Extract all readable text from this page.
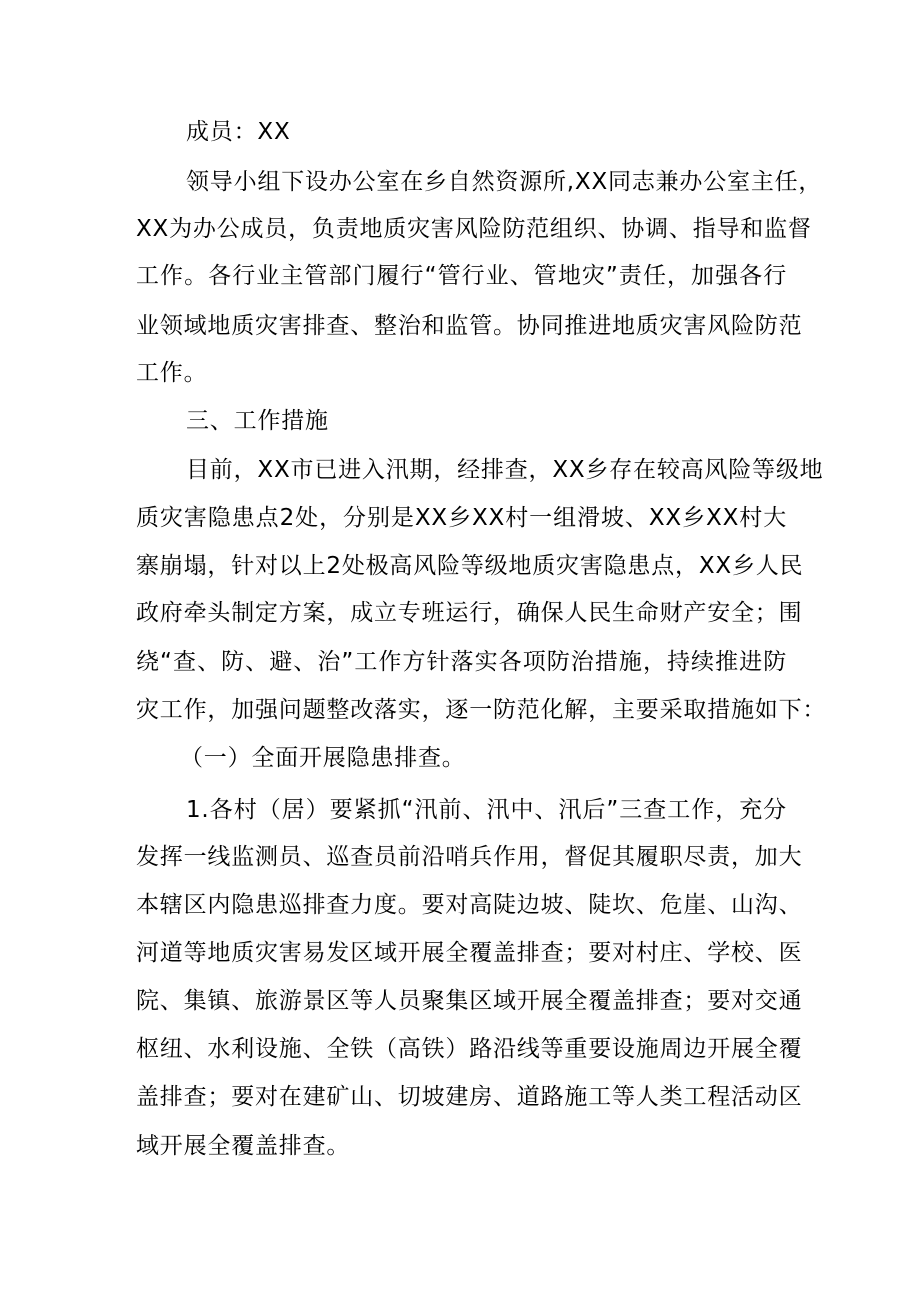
成员：XX
领导小组下设办公室在乡自然资源所,XX同志兼办公室主任，
XX为办公成员，负责地质灾害风险防范组织、协调、指导和监督
工作。各行业主管部门履行“管行业、管地灾”责任，加强各行
业领域地质灾害排查、整治和监管。协同推进地质灾害风险防范
工作。
三、工作措施
目前，XX市已进入汛期，经排查，XX乡存在较高风险等级地
质灾害隐患点2处，分别是XX乡XX村一组滑坡、XX乡XX村大
寨崩塌，针对以上2处极高风险等级地质灾害隐患点，XX乡人民
政府牵头制定方案，成立专班运行，确保人民生命财产安全；围
绕“查、防、避、治”工作方针落实各项防治措施，持续推进防
灾工作，加强问题整改落实，逐一防范化解，主要采取措施如下：
（一）全面开展隐患排查。
1.各村（居）要紧抓“汛前、汛中、汛后”三查工作，充分
发挥一线监测员、巡查员前沿哨兵作用，督促其履职尽责，加大
本辖区内隐患巡排查力度。要对高陡边坡、陡坎、危崖、山沟、
河道等地质灾害易发区域开展全覆盖排查；要对村庄、学校、医
院、集镇、旅游景区等人员聚集区域开展全覆盖排查；要对交通
枢纽、水利设施、全铁（高铁）路沿线等重要设施周边开展全覆
盖排查；要对在建矿山、切坡建房、道路施工等人类工程活动区
域开展全覆盖排查。
